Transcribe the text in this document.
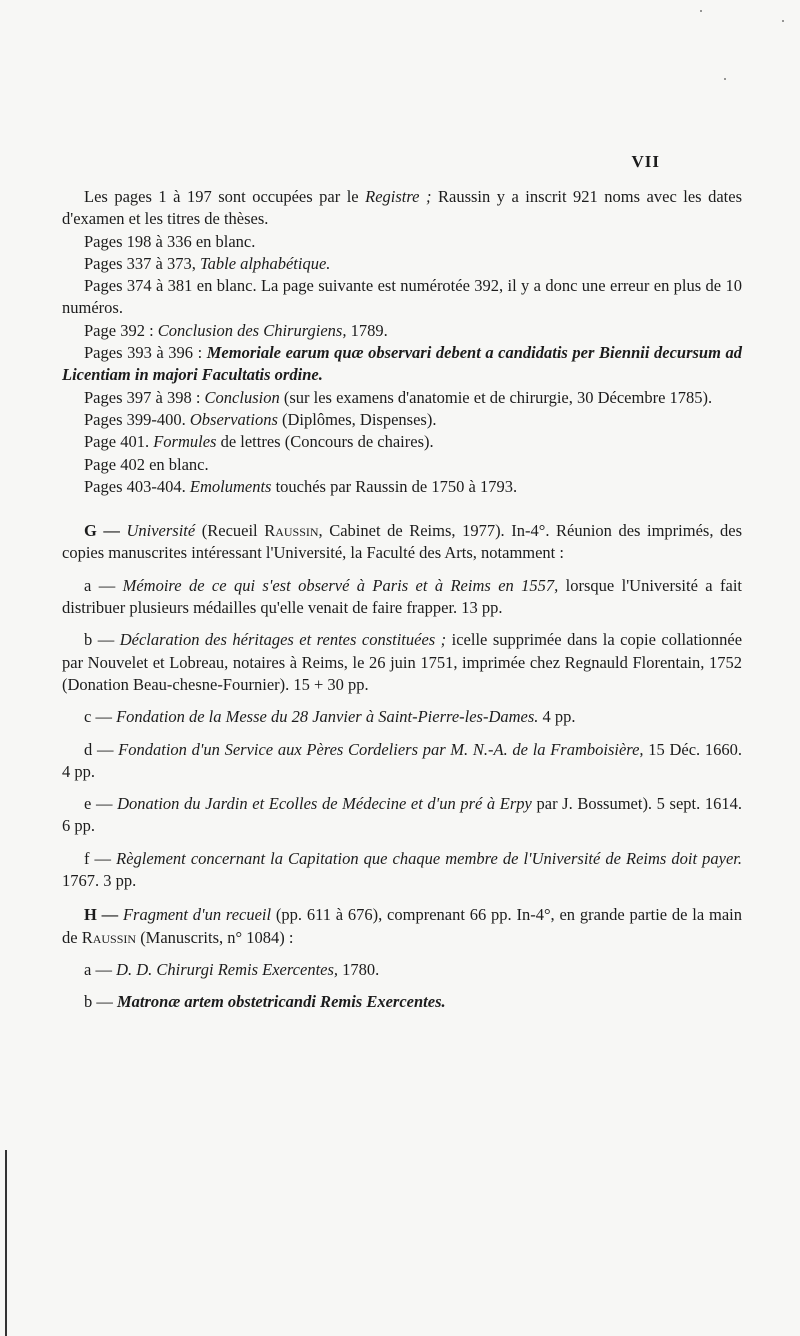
VII

Les pages 1 à 197 sont occupées par le Registre ; Raussin y a inscrit 921 noms avec les dates d'examen et les titres de thèses.

Pages 198 à 336 en blanc.

Pages 337 à 373, Table alphabétique.

Pages 374 à 381 en blanc. La page suivante est numérotée 392, il y a donc une erreur en plus de 10 numéros.

Page 392 : Conclusion des Chirurgiens, 1789.

Pages 393 à 396 : Memoriale earum quæ observari debent a candidatis per Biennii decursum ad Licentiam in majori Facultatis ordine.

Pages 397 à 398 : Conclusion (sur les examens d'anatomie et de chirurgie, 30 Décembre 1785).

Pages 399-400. Observations (Diplômes, Dispenses).

Page 401. Formules de lettres (Concours de chaires).

Page 402 en blanc.

Pages 403-404. Emoluments touchés par Raussin de 1750 à 1793.

G — Université (Recueil Raussin, Cabinet de Reims, 1977). In-4°. Réunion des imprimés, des copies manuscrites intéressant l'Université, la Faculté des Arts, notamment :

a — Mémoire de ce qui s'est observé à Paris et à Reims en 1557, lorsque l'Université a fait distribuer plusieurs médailles qu'elle venait de faire frapper. 13 pp.

b — Déclaration des héritages et rentes constituées ; icelle supprimée dans la copie collationnée par Nouvelet et Lobreau, notaires à Reims, le 26 juin 1751, imprimée chez Regnauld Florentain, 1752 (Donation Beau-chesne-Fournier). 15 + 30 pp.

c — Fondation de la Messe du 28 Janvier à Saint-Pierre-les-Dames. 4 pp.

d — Fondation d'un Service aux Pères Cordeliers par M. N.-A. de la Framboisière, 15 Déc. 1660. 4 pp.

e — Donation du Jardin et Ecolles de Médecine et d'un pré à Erpy par J. Bossumet). 5 sept. 1614. 6 pp.

f — Règlement concernant la Capitation que chaque membre de l'Université de Reims doit payer. 1767. 3 pp.

H — Fragment d'un recueil (pp. 611 à 676), comprenant 66 pp. In-4°, en grande partie de la main de Raussin (Manuscrits, n° 1084) :

a — D. D. Chirurgi Remis Exercentes, 1780.

b — Matronæ artem obstetricandi Remis Exercentes.
